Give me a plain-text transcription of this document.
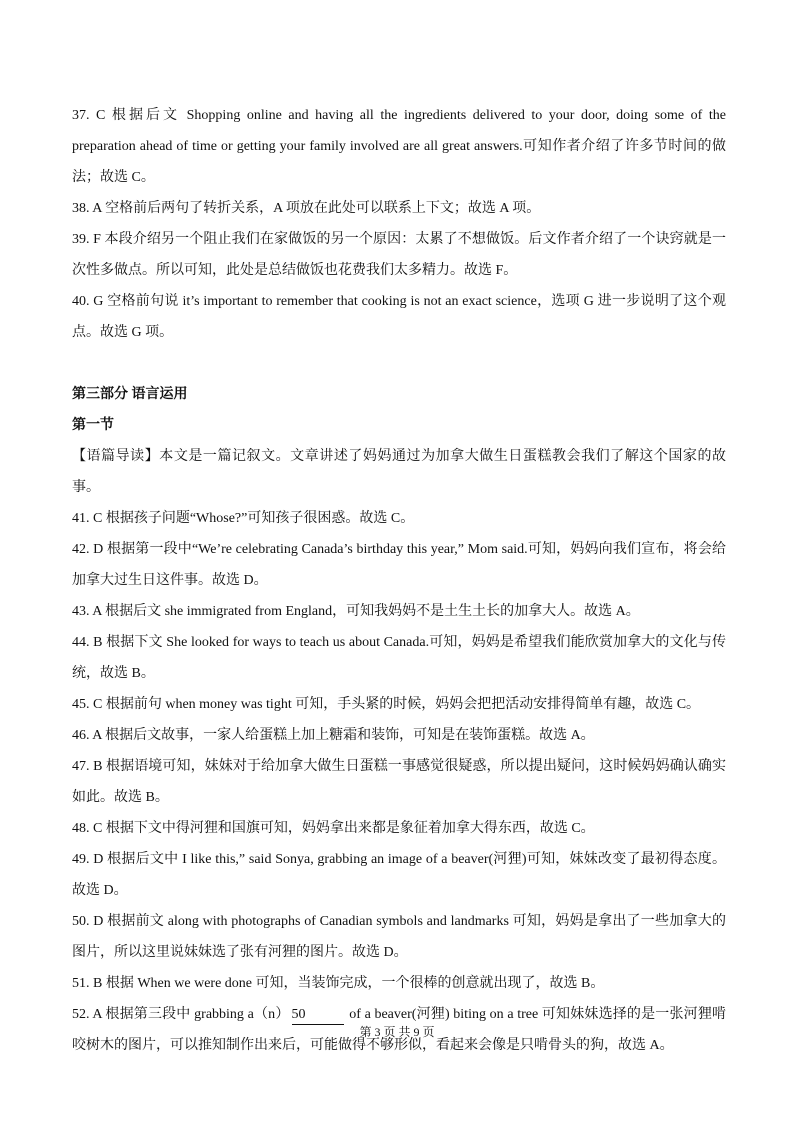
37. C 根据后文 Shopping online and having all the ingredients delivered to your door, doing some of the preparation ahead of time or getting your family involved are all great answers.可知作者介绍了许多节时间的做法；故选 C。

38. A 空格前后两句了转折关系，A 项放在此处可以联系上下文；故选 A 项。

39. F 本段介绍另一个阻止我们在家做饭的另一个原因：太累了不想做饭。后文作者介绍了一个诀窍就是一次性多做点。所以可知，此处是总结做饭也花费我们太多精力。故选 F。

40. G 空格前句说 it’s important to remember that cooking is not an exact science，选项 G 进一步说明了这个观点。故选 G 项。

第三部分 语言运用

第一节

【语篇导读】本文是一篇记叙文。文章讲述了妈妈通过为加拿大做生日蛋糕教会我们了解这个国家的故事。

41. C 根据孩子问题“Whose?”可知孩子很困惑。故选 C。

42. D 根据第一段中“We’re celebrating Canada’s birthday this year,” Mom said.可知，妈妈向我们宣布，将会给加拿大过生日这件事。故选 D。

43. A 根据后文 she immigrated from England，可知我妈妈不是土生土长的加拿大人。故选 A。

44. B 根据下文 She looked for ways to teach us about Canada.可知，妈妈是希望我们能欣赏加拿大的文化与传统，故选 B。

45. C 根据前句 when money was tight 可知，手头紧的时候，妈妈会把把活动安排得简单有趣，故选 C。

46. A 根据后文故事，一家人给蛋糕上加上糖霜和装饰，可知是在装饰蛋糕。故选 A。

47. B 根据语境可知，妹妹对于给加拿大做生日蛋糕一事感觉很疑惑，所以提出疑问，这时候妈妈确认确实如此。故选 B。

48. C 根据下文中得河狸和国旗可知，妈妈拿出来都是象征着加拿大得东西，故选 C。

49. D 根据后文中 I like this,” said Sonya, grabbing an image of a beaver(河狸)可知，妹妹改变了最初得态度。故选 D。

50. D 根据前文 along with photographs of Canadian symbols and landmarks 可知，妈妈是拿出了一些加拿大的图片，所以这里说妹妹选了张有河狸的图片。故选 D。

51. B 根据 When we were done 可知，当装饰完成，一个很棒的创意就出现了，故选 B。

52. A 根据第三段中 grabbing a（n） 50	of a beaver(河狸) biting on a tree 可知妹妹选择的是一张河狸啃咬树木的图片，可以推知制作出来后，可能做得不够形似，看起来会像是只啃骨头的狗，故选 A。

第 3 页 共 9 页
